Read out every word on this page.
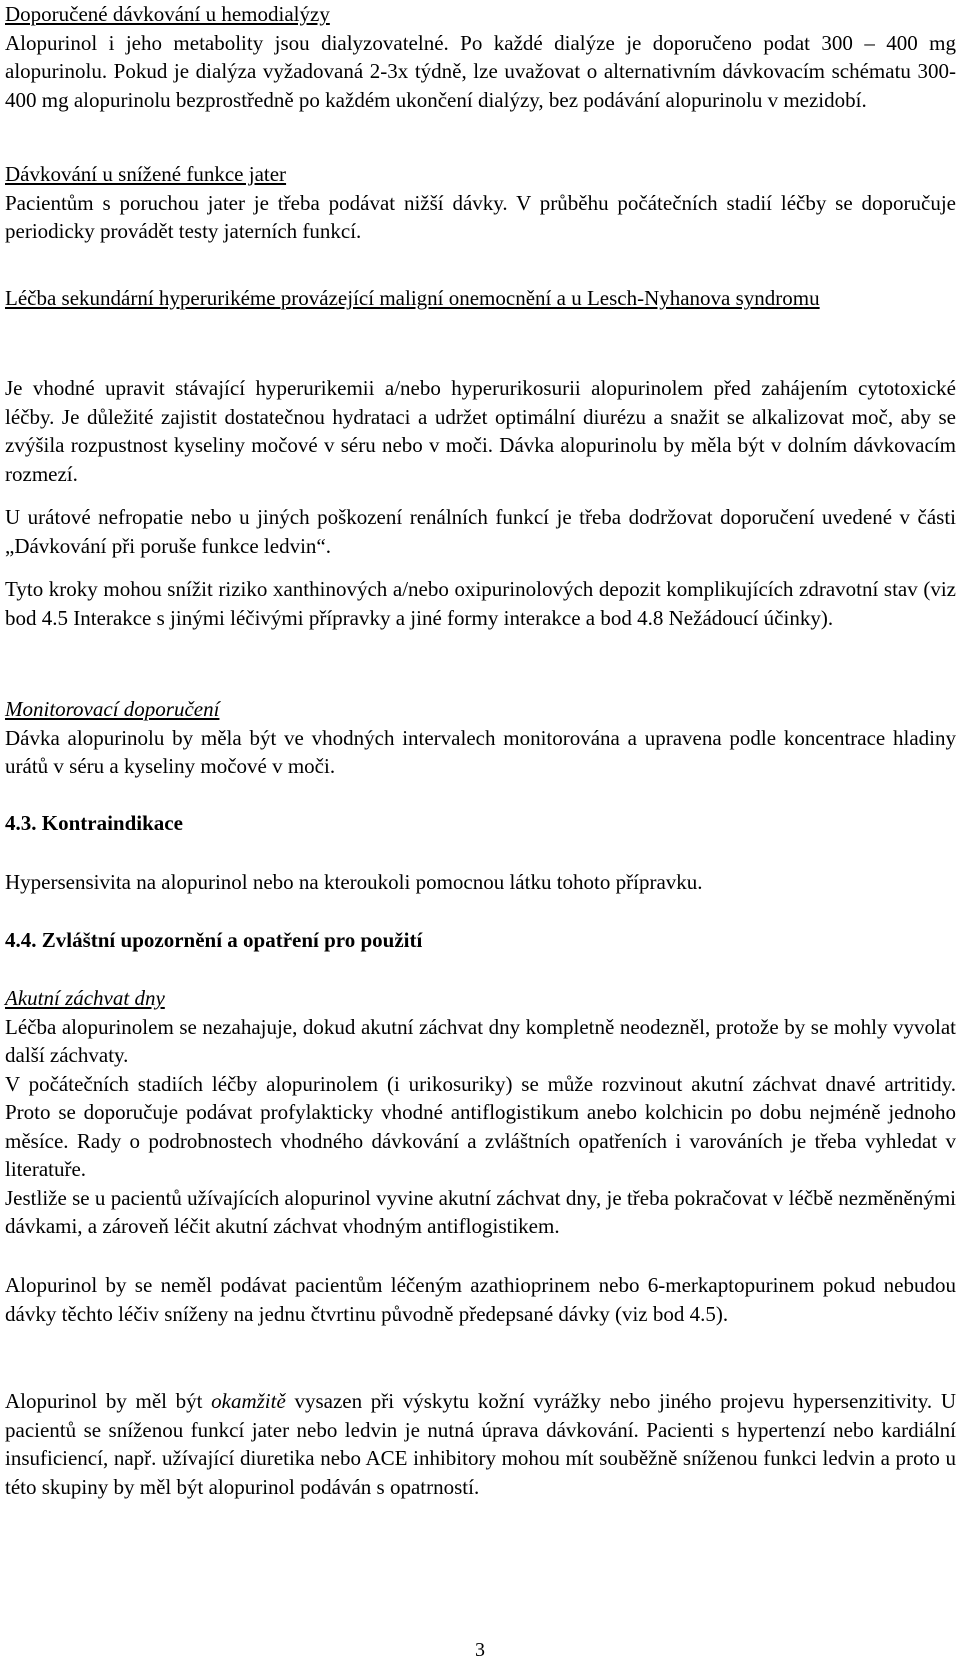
Doporučené dávkování u hemodialýzy

Alopurinol i jeho metabolity jsou dialyzovatelné. Po každé dialýze je doporučeno podat 300 – 400 mg alopurinolu. Pokud je dialýza vyžadovaná 2-3x týdně, lze uvažovat o alternativním dávkovacím schématu 300-400 mg alopurinolu bezprostředně po každém ukončení dialýzy, bez podávání alopurinolu v mezidobí.

Dávkování u snížené funkce jater

Pacientům s poruchou jater je třeba podávat nižší dávky. V průběhu počátečních stadií léčby se doporučuje periodicky provádět testy jaterních funkcí.

Léčba sekundární hyperurikéme provázející maligní onemocnění a u Lesch-Nyhanova syndromu

Je vhodné upravit stávající hyperurikemii a/nebo hyperurikosurii alopurinolem před zahájením cytotoxické léčby. Je důležité zajistit dostatečnou hydrataci a udržet optimální diurézu a snažit se alkalizovat moč, aby se zvýšila rozpustnost kyseliny močové v séru nebo v moči. Dávka alopurinolu by měla být v dolním dávkovacím rozmezí.

U urátové nefropatie nebo u jiných poškození renálních funkcí je třeba dodržovat doporučení uvedené v části „Dávkování při poruše funkce ledvin“.

Tyto kroky mohou snížit riziko xanthinových a/nebo oxipurinolových depozit komplikujících zdravotní stav (viz bod 4.5 Interakce s jinými léčivými přípravky a jiné formy interakce a bod 4.8 Nežádoucí účinky).

Monitorovací doporučení

Dávka alopurinolu by měla být ve vhodných intervalech monitorována a upravena podle koncentrace hladiny urátů v séru a kyseliny močové v moči.

4.3. Kontraindikace

Hypersensivita na alopurinol nebo na kteroukoli pomocnou látku tohoto přípravku.

4.4. Zvláštní upozornění a opatření pro použití

Akutní záchvat dny

Léčba alopurinolem se nezahajuje, dokud akutní záchvat dny kompletně neodezněl, protože by se mohly vyvolat další záchvaty.

V počátečních stadiích léčby alopurinolem (i urikosuriky) se může rozvinout akutní záchvat dnavé artritidy. Proto se doporučuje podávat profylakticky vhodné antiflogistikum anebo kolchicin po dobu nejméně jednoho měsíce. Rady o podrobnostech vhodného dávkování a zvláštních opatřeních i varováních je třeba vyhledat v literatuře.

Jestliže se u pacientů užívajících alopurinol vyvine akutní záchvat dny, je třeba pokračovat v léčbě nezměněnými dávkami, a zároveň léčit akutní záchvat vhodným antiflogistikem.

Alopurinol by se neměl podávat pacientům léčeným azathioprinem nebo 6-merkaptopurinem pokud nebudou dávky těchto léčiv sníženy na jednu čtvrtinu původně předepsané dávky (viz bod 4.5).

Alopurinol by měl být okamžitě vysazen při výskytu kožní vyrážky nebo jiného projevu hypersenzitivity. U pacientů se sníženou funkcí jater nebo ledvin je nutná úprava dávkování. Pacienti s hypertenzí nebo kardiální insuficiencí, např. užívající diuretika nebo ACE inhibitory mohou mít souběžně sníženou funkci ledvin a proto u této skupiny by měl být alopurinol podáván s opatrností.

3
